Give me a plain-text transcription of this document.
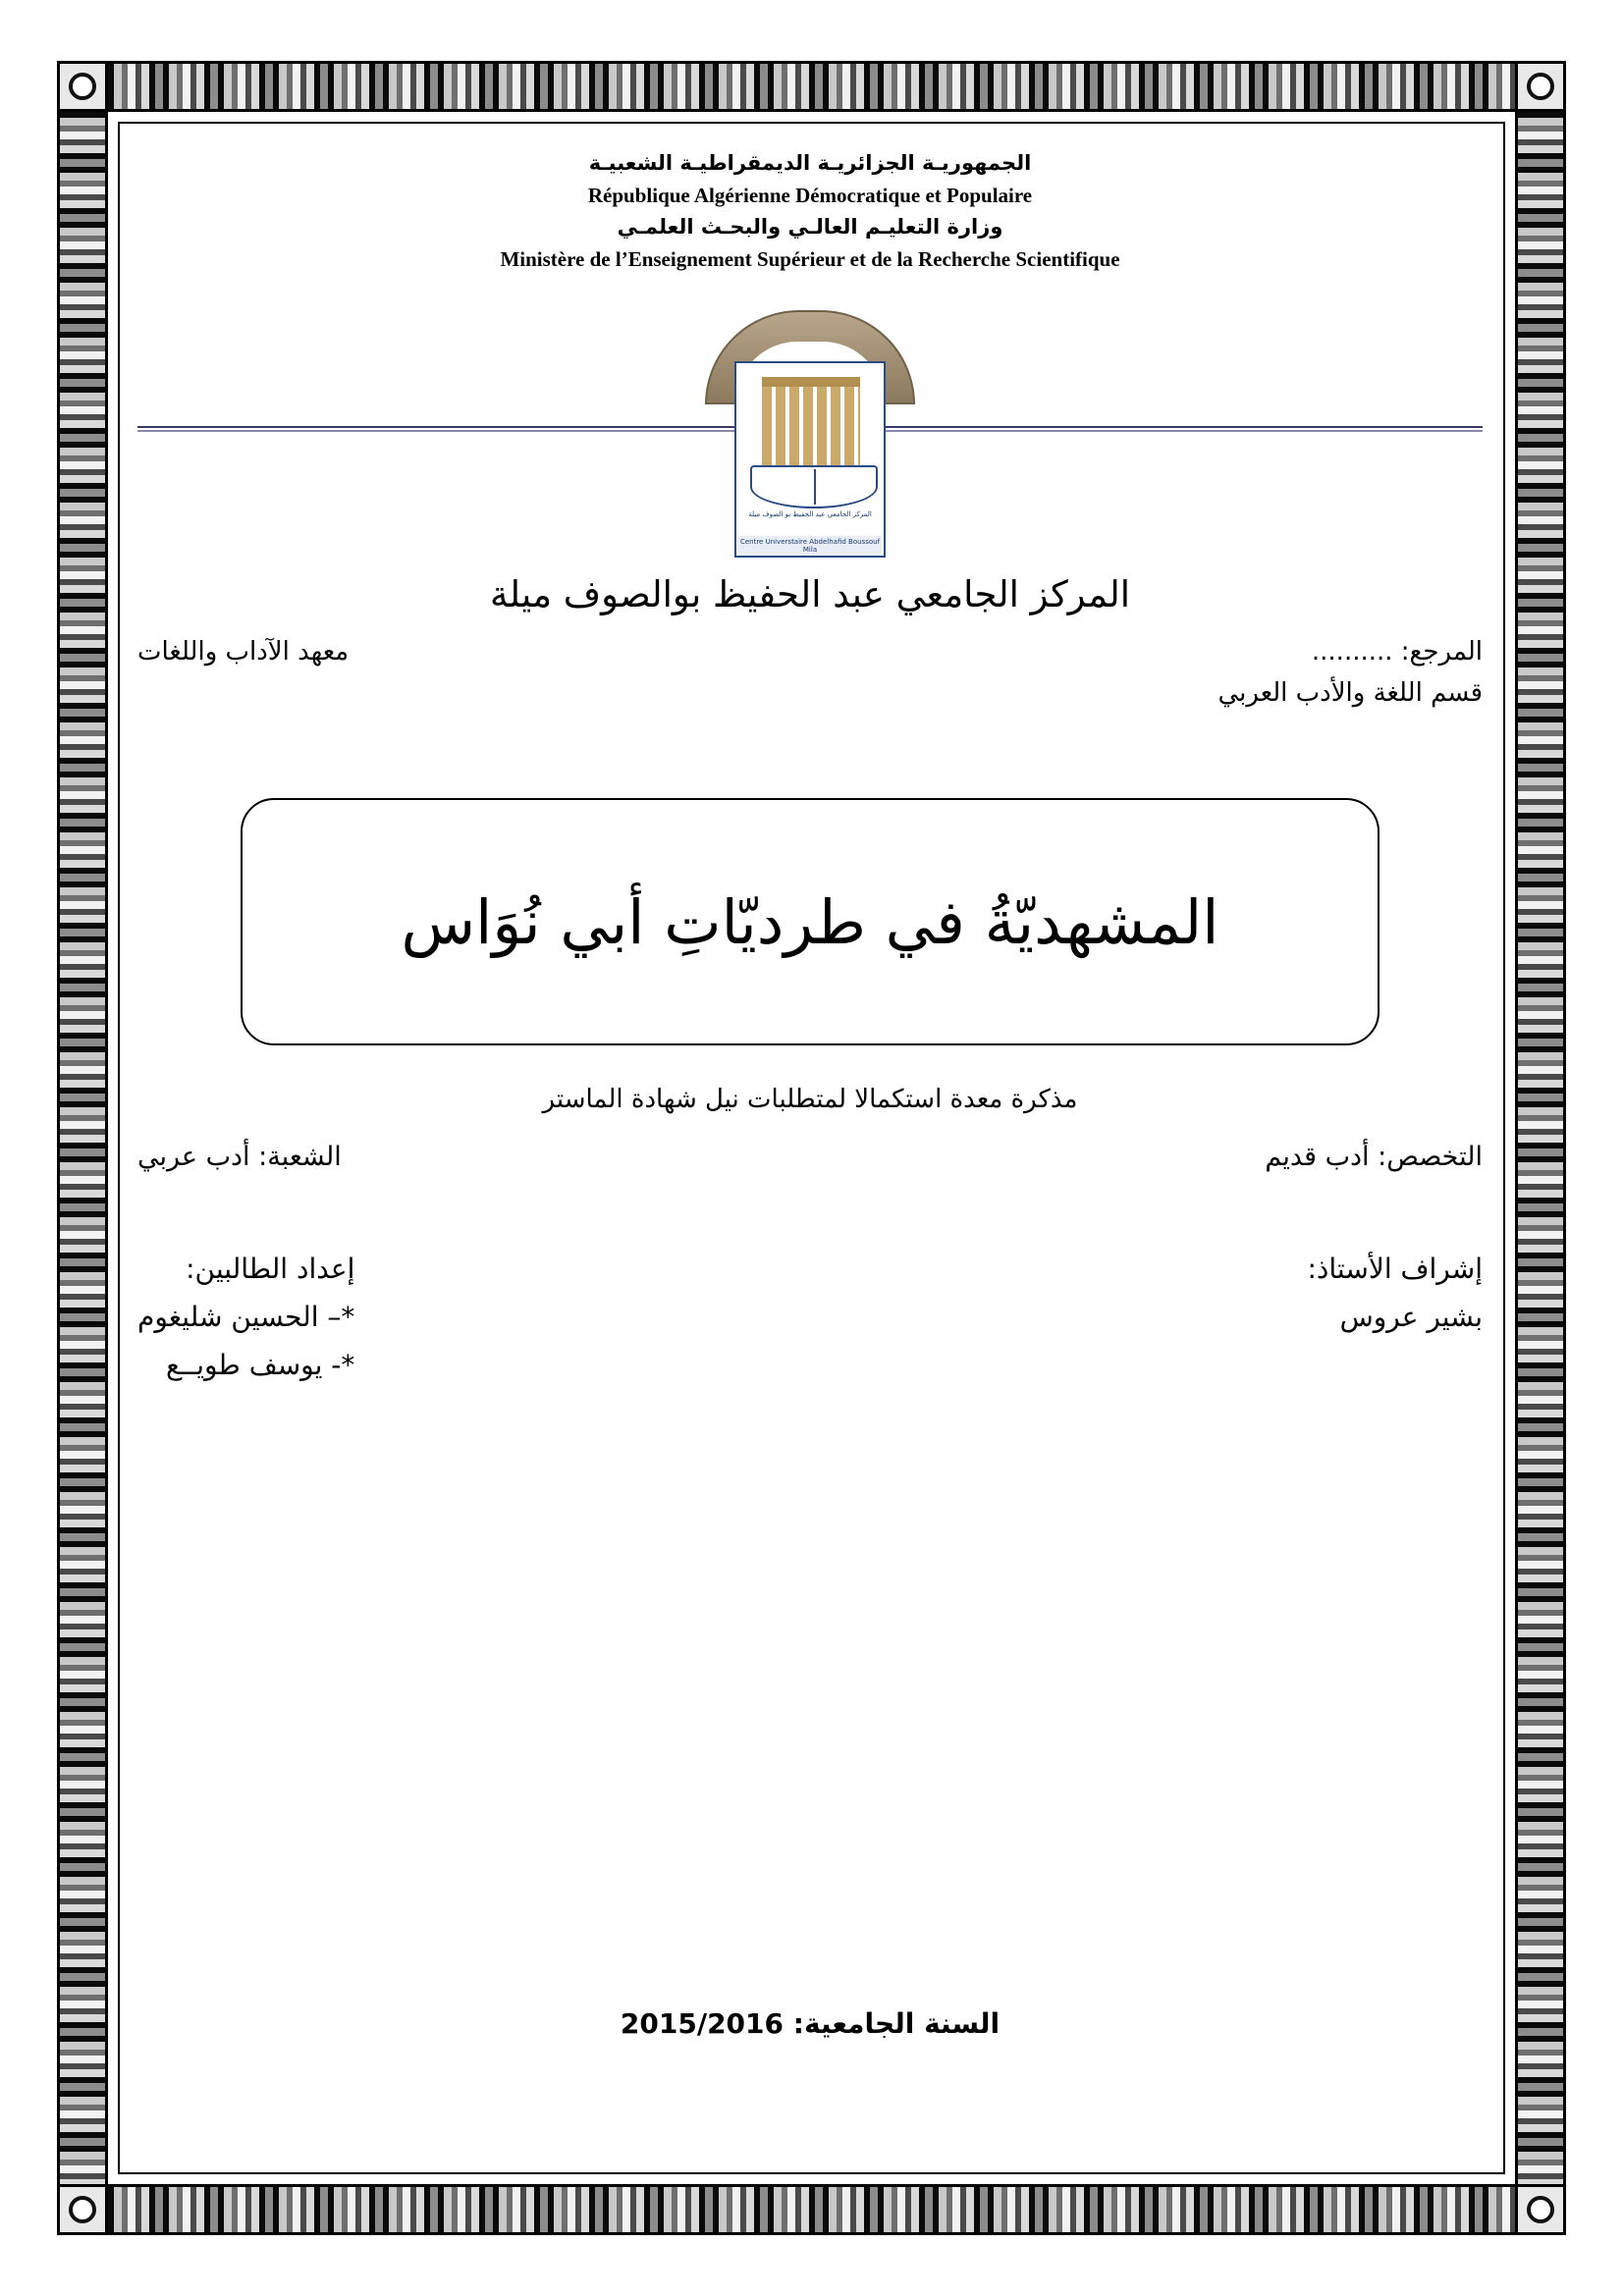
الجمهوريـة الجزائريـة الديمقراطيـة الشعبيـة
République Algérienne Démocratique et Populaire
وزارة التعليـم العالـي والبحـث العلمـي
Ministère de l’Enseignement Supérieur et de la Recherche Scientifique
المركز الجامعي عبد الحفيظ بو الصوف ميلة
Centre Universtaire Abdelhafid Boussouf Mila
المركز الجامعي عبد الحفيظ بوالصوف ميلة
معهد الآداب واللغات	المرجع: ..........
قسم اللغة والأدب العربي
المشهديّةُ في طرديّاتِ أبي نُوَاس
مذكرة معدة استكمالا لمتطلبات نيل شهادة الماستر
الشعبة: أدب عربي	التخصص: أدب قديم
إعداد الطالبين:
*– الحسين شليغوم
*- يوسف طويــع
إشراف الأستاذ:
بشير عروس
السنة الجامعية: 2015/2016
